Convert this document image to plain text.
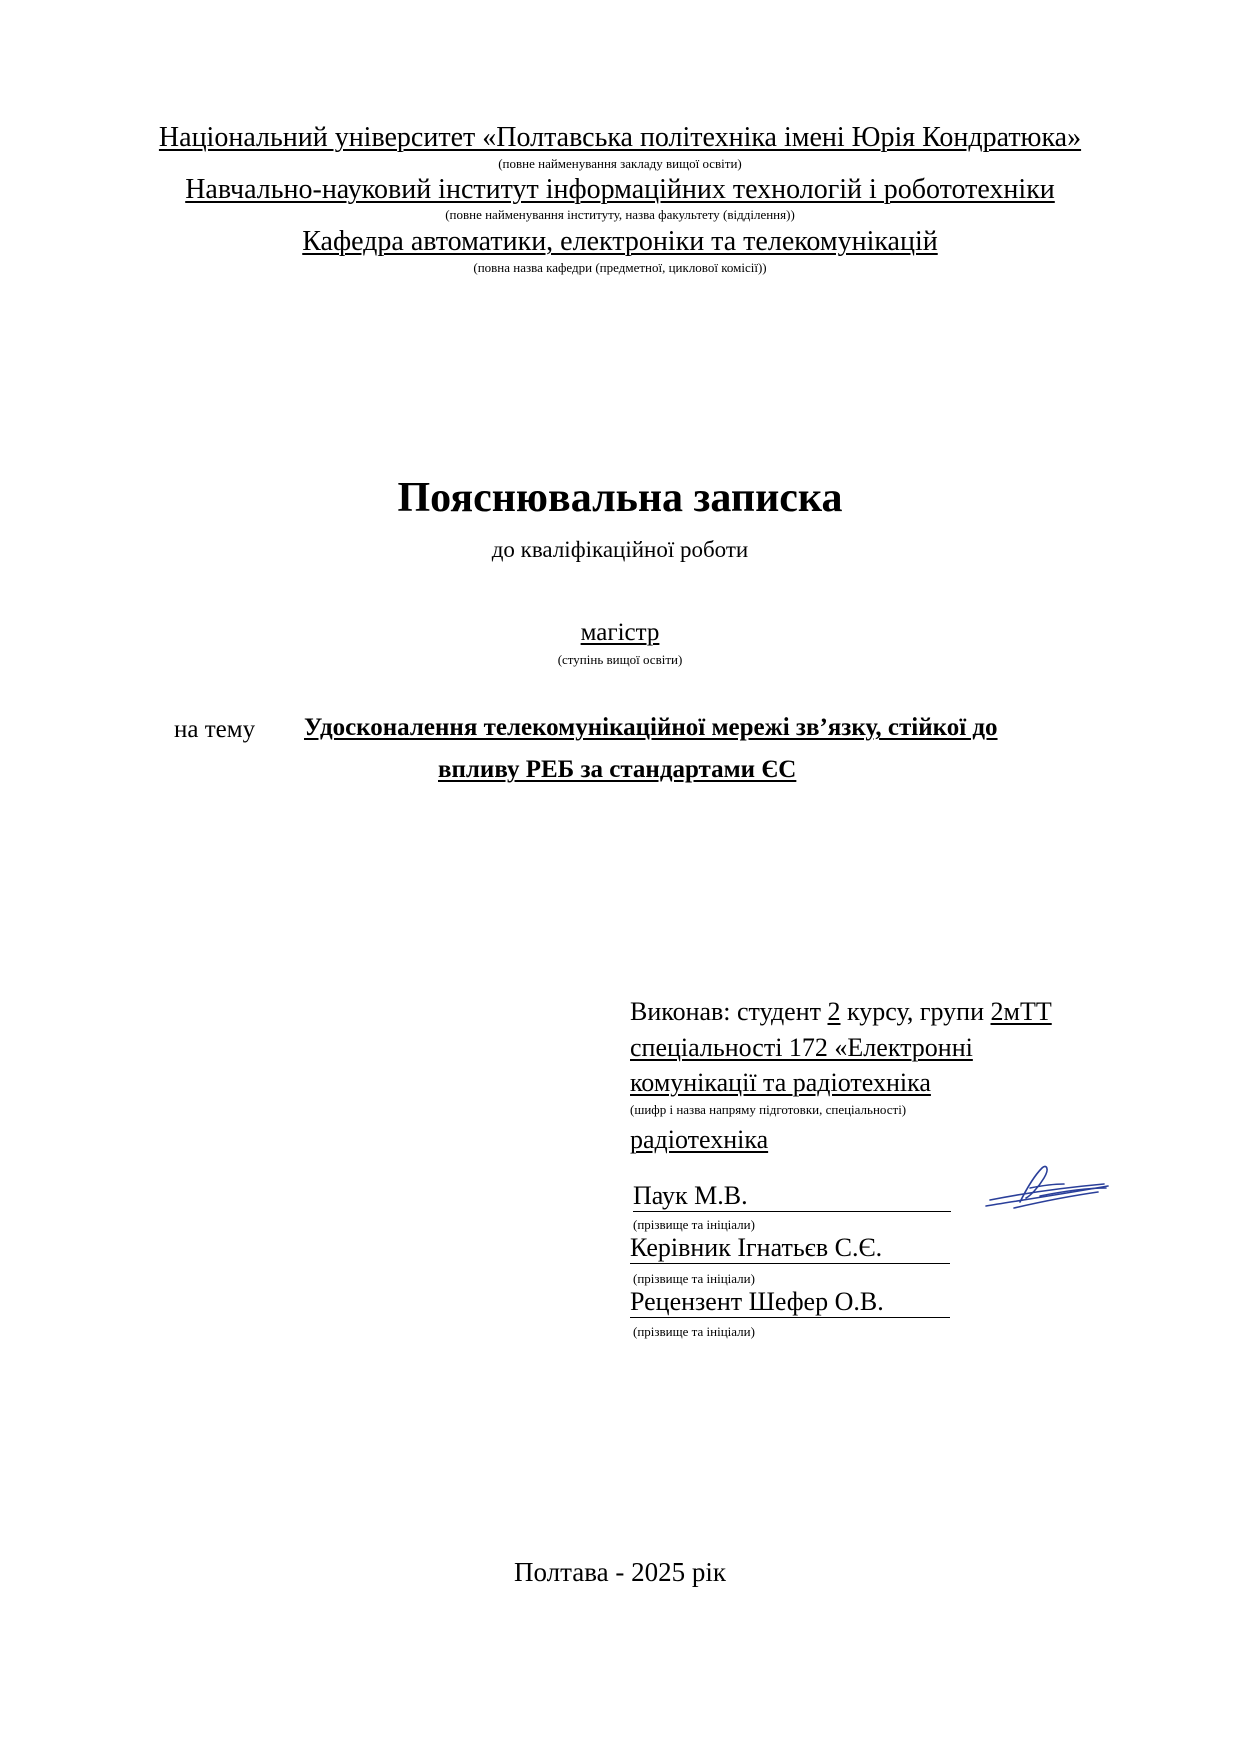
Національний університет «Полтавська політехніка імені Юрія Кондратюка»
(повне найменування закладу вищої освіти)
Навчально-науковий інститут інформаційних технологій і робототехніки
(повне найменування інституту, назва факультету (відділення))
Кафедра автоматики, електроніки та телекомунікацій
(повна назва кафедри (предметної, циклової комісії))
Пояснювальна записка
до кваліфікаційної роботи
магістр
(ступінь вищої освіти)
на тему Удосконалення телекомунікаційної мережі зв’язку, стійкої до
впливу РЕБ за стандартами ЄС
Виконав: студент 2 курсу, групи 2мТТ
спеціальності 172 «Електронні
комунікації та радіотехніка
(шифр і назва напряму підготовки, спеціальності)
радіотехніка
Паук М.В.
(прізвище та ініціали)
Керівник Ігнатьєв С.Є.
(прізвище та ініціали)
Рецензент Шефер О.В.
(прізвище та ініціали)
Полтава - 2025 рік
